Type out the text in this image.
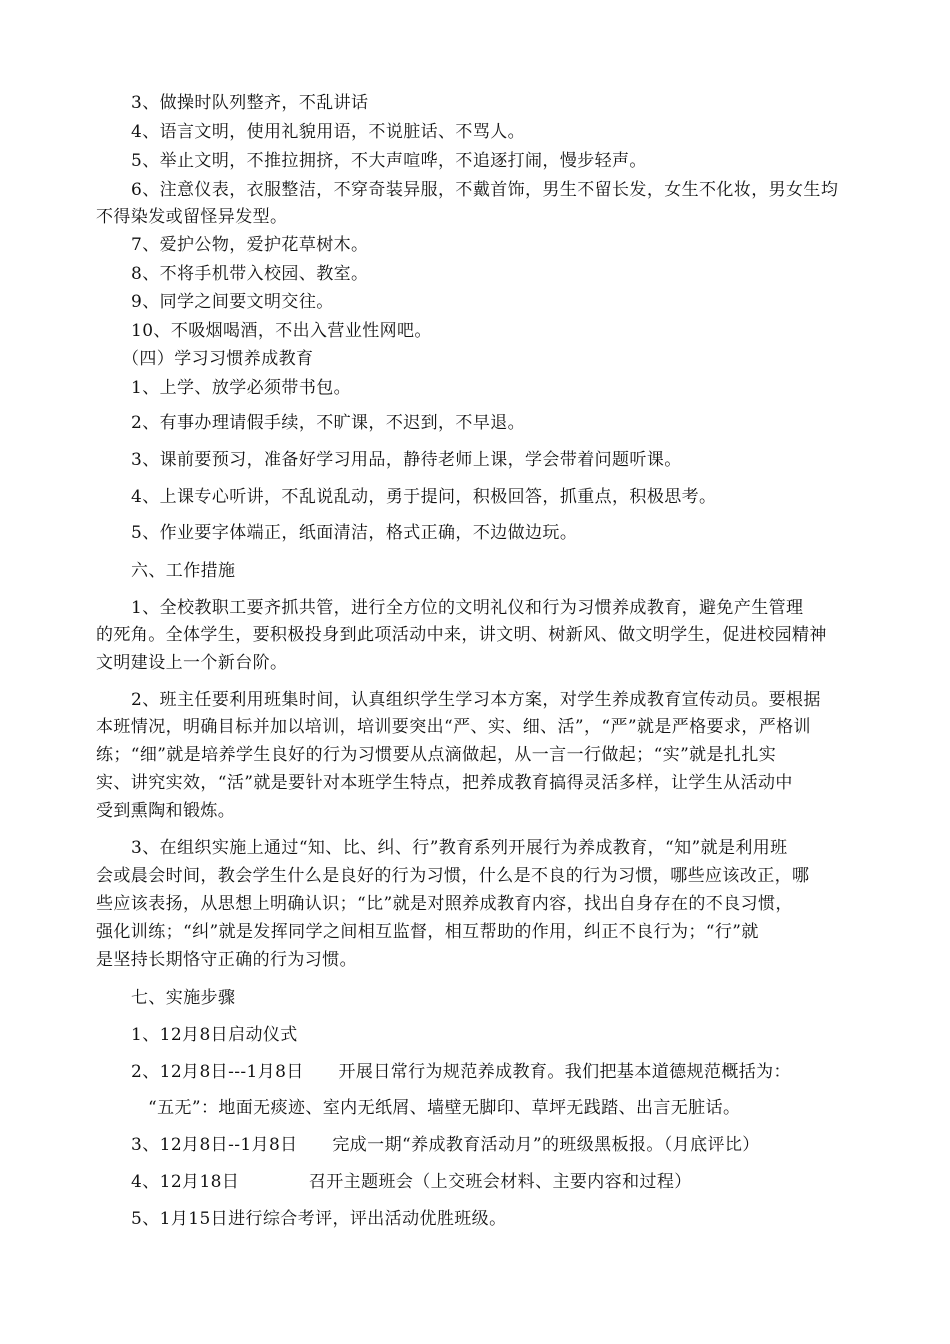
3、做操时队列整齐，不乱讲话
4、语言文明，使用礼貌用语，不说脏话、不骂人。
5、举止文明，不推拉拥挤，不大声喧哗，不追逐打闹，慢步轻声。
6、注意仪表，衣服整洁，不穿奇装异服，不戴首饰，男生不留长发，女生不化妆，男女生均
不得染发或留怪异发型。
7、爱护公物，爱护花草树木。
8、不将手机带入校园、教室。
9、同学之间要文明交往。
10、不吸烟喝酒，不出入营业性网吧。
（四）学习习惯养成教育
1、上学、放学必须带书包。
2、有事办理请假手续，不旷课，不迟到，不早退。
3、课前要预习，准备好学习用品，静待老师上课，学会带着问题听课。
4、上课专心听讲，不乱说乱动，勇于提问，积极回答，抓重点，积极思考。
5、作业要字体端正，纸面清洁，格式正确，不边做边玩。
六、工作措施
1、全校教职工要齐抓共管，进行全方位的文明礼仪和行为习惯养成教育，避免产生管理
的死角。全体学生，要积极投身到此项活动中来，讲文明、树新风、做文明学生，促进校园精神
文明建设上一个新台阶。
2、班主任要利用班集时间，认真组织学生学习本方案，对学生养成教育宣传动员。要根据
本班情况，明确目标并加以培训，培训要突出“严、实、细、活”，“严”就是严格要求，严格训
练；“细”就是培养学生良好的行为习惯要从点滴做起，从一言一行做起；“实”就是扎扎实
实、讲究实效，“活”就是要针对本班学生特点，把养成教育搞得灵活多样，让学生从活动中
受到熏陶和锻炼。
3、在组织实施上通过“知、比、纠、行”教育系列开展行为养成教育，“知”就是利用班
会或晨会时间，教会学生什么是良好的行为习惯，什么是不良的行为习惯，哪些应该改正，哪
些应该表扬，从思想上明确认识；“比”就是对照养成教育内容，找出自身存在的不良习惯，
强化训练；“纠”就是发挥同学之间相互监督，相互帮助的作用，纠正不良行为；“行”就
是坚持长期恪守正确的行为习惯。
七、实施步骤
1、12月8日启动仪式
2、12月8日---1月8日　　开展日常行为规范养成教育。我们把基本道德规范概括为：
“五无”：地面无痰迹、室内无纸屑、墙壁无脚印、草坪无践踏、出言无脏话。
3、12月8日--1月8日　　完成一期“养成教育活动月”的班级黑板报。（月底评比）
4、12月18日　　　　召开主题班会（上交班会材料、主要内容和过程）
5、1月15日进行综合考评，评出活动优胜班级。
